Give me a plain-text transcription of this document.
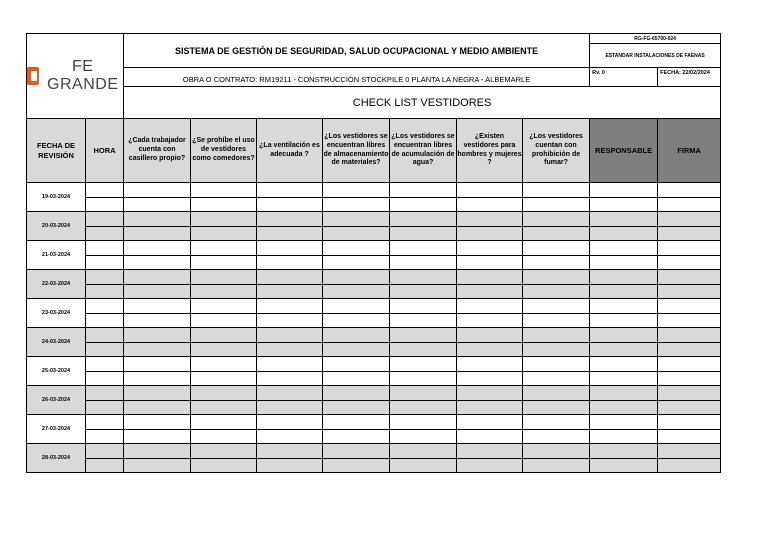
FE GRANDE		SISTEMA DE GESTIÓN DE SEGURIDAD, SALUD OCUPACIONAL Y MEDIO AMBIENTE							RG-FG-65700-024	
									ESTANDAR INSTALACIONES DE FAENAS	
		OBRA O CONTRATO: RM19211 - CONSTRUCCIÓN STOCKPILE 0 PLANTA LA NEGRA - ALBEMARLE							Rv. 0	FECHA: 22/02/2024
		CHECK LIST VESTIDORES								
FECHA DE REVISIÓN	HORA	¿Cada trabajador cuenta con casillero propio?	¿Se prohíbe el uso de vestidores como comedores?	¿La ventilación es adecuada ?	¿Los vestidores se encuentran libres de almacenamiento de materiales?	¿Los vestidores se encuentran libres de acumulación de agua?	¿Existen vestidores para hombres y mujeres ?	¿Los vestidores cuentan con prohibición de fumar?	RESPONSABLE	FIRMA
19-03-2024										

20-03-2024										

21-03-2024										

22-03-2024										

23-03-2024										

24-03-2024										

25-03-2024										

26-03-2024										

27-03-2024										

28-03-2024										
